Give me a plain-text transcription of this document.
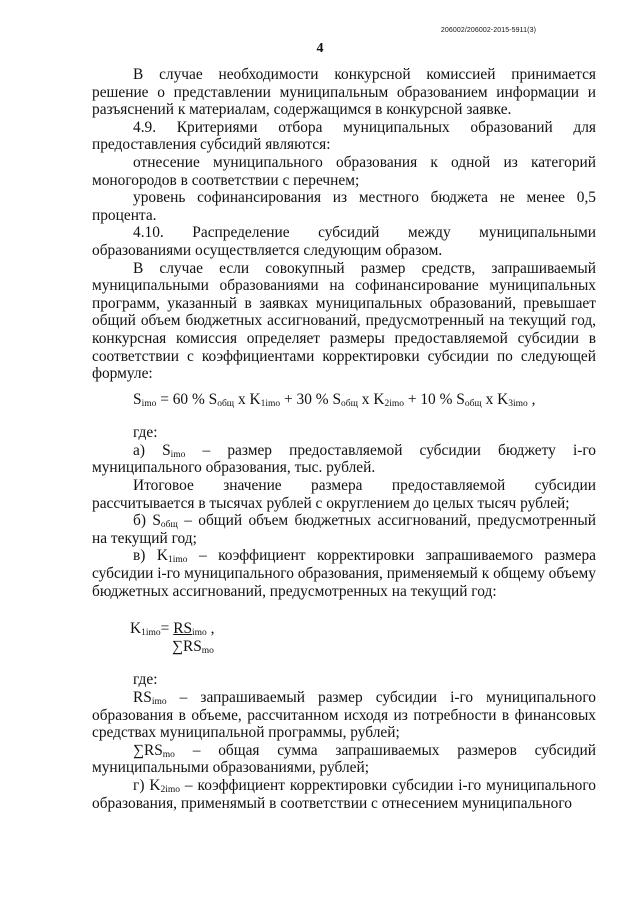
206002/206002-2015-5911(3)
4

В случае необходимости конкурсной комиссией принимается решение о представлении муниципальным образованием информации и разъяснений к материалам, содержащимся в конкурсной заявке.

4.9. Критериями отбора муниципальных образований для предоставления субсидий являются:

отнесение муниципального образования к одной из категорий моногородов в соответствии с перечнем;

уровень софинансирования из местного бюджета не менее 0,5 процента.

4.10. Распределение субсидий между муниципальными образованиями осуществляется следующим образом.

В случае если совокупный размер средств, запрашиваемый муниципальными образованиями на софинансирование муниципальных программ, указанный в заявках муниципальных образований, превышает общий объем бюджетных ассигнований, предусмотренный на текущий год, конкурсная комиссия определяет размеры предоставляемой субсидии в соответствии с коэффициентами корректировки субсидии по следующей формуле:

$S_{imo} = 60$ % $S_{общ}$ x $K_{1imo} + 30$ % $S_{общ}$ x $K_{2imo} + 10$ % $S_{общ}$ x $K_{3imo}$ ,

где:

а) $S_{imo}$ – размер предоставляемой субсидии бюджету i-го муниципального образования, тыс. рублей.

Итоговое значение размера предоставляемой субсидии рассчитывается в тысячах рублей с округлением до целых тысяч рублей;

б) $S_{общ}$ – общий объем бюджетных ассигнований, предусмотренный на текущий год;

в) $K_{1imo}$ – коэффициент корректировки запрашиваемого размера субсидии i-го муниципального образования, применяемый к общему объему бюджетных ассигнований, предусмотренных на текущий год:

$K_{1imo}= RS_{imo}$ ,
$\sum RS_{mo}$

где:

$RS_{imo}$ – запрашиваемый размер субсидии i-го муниципального образования в объеме, рассчитанном исходя из потребности в финансовых средствах муниципальной программы, рублей;

$\sum RS_{mo}$ – общая сумма запрашиваемых размеров субсидий муниципальными образованиями, рублей;

г) $K_{2imo}$ – коэффициент корректировки субсидии i-го муниципального образования, применямый в соответствии с отнесением муниципального
